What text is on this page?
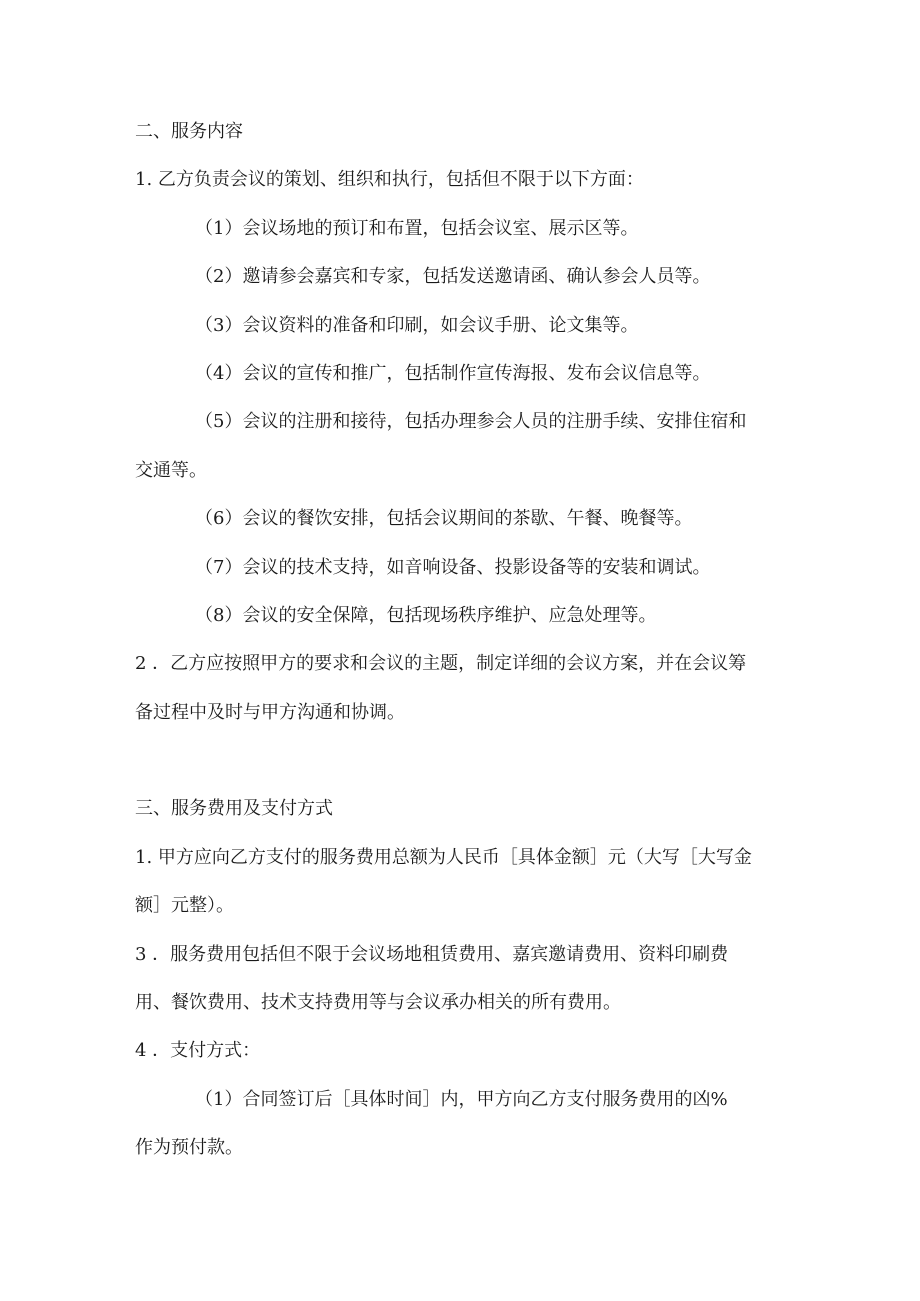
二、服务内容
1. 乙方负责会议的策划、组织和执行，包括但不限于以下方面：
（1）会议场地的预订和布置，包括会议室、展示区等。
（2）邀请参会嘉宾和专家，包括发送邀请函、确认参会人员等。
（3）会议资料的准备和印刷，如会议手册、论文集等。
（4）会议的宣传和推广，包括制作宣传海报、发布会议信息等。
（5）会议的注册和接待，包括办理参会人员的注册手续、安排住宿和
交通等。
（6）会议的餐饮安排，包括会议期间的茶歇、午餐、晚餐等。
（7）会议的技术支持，如音响设备、投影设备等的安装和调试。
（8）会议的安全保障，包括现场秩序维护、应急处理等。
2 ．乙方应按照甲方的要求和会议的主题，制定详细的会议方案，并在会议筹
备过程中及时与甲方沟通和协调。
三、服务费用及支付方式
1. 甲方应向乙方支付的服务费用总额为人民币［具体金额］元（大写［大写金
额］元整）。
3 ．服务费用包括但不限于会议场地租赁费用、嘉宾邀请费用、资料印刷费
用、餐饮费用、技术支持费用等与会议承办相关的所有费用。
4 ．支付方式：
（1）合同签订后［具体时间］内，甲方向乙方支付服务费用的凶%
作为预付款。
